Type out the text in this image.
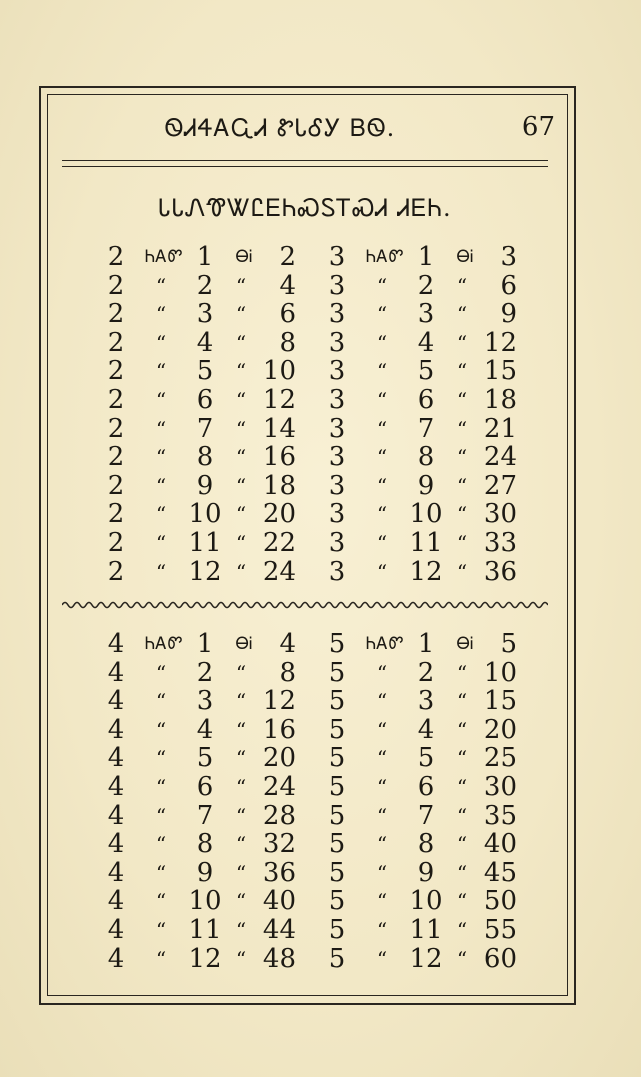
ᏫᏗᏎᎪᏩᏗ ᏑᏓᎴᎩ ᏴᏫ.	67
ᏓᏓᏁᏡᏔᏝᎬᏂᏍᏚᎢᏍᏗ ᏗᎬᏂ.
2	ᏂᎪᏛ 1	ᎾᎥ	2
2	“	2	“	4
2	“	3	“	6
2	“	4	“	8
2	“	5	“ 10
2	“	6	“ 12
2	“	7	“ 14
2	“	8	“ 16
2	“	9	“ 18
2	“ 10 “ 20
2	“ 11 “ 22
2	“ 12 “ 24
3	ᏂᎪᏛ 1	ᎾᎥ	3
3	“	2	“	6
3	“	3	“	9
3	“	4	“ 12
3	“	5	“ 15
3	“	6	“ 18
3	“	7	“ 21
3	“	8	“ 24
3	“	9	“ 27
3	“ 10 “ 30
3	“ 11 “ 33
3	“ 12 “ 36
4	ᏂᎪᏛ 1	ᎾᎥ	4
4	“	2	“	8
4	“	3	“ 12
4	“	4	“ 16
4	“	5	“ 20
4	“	6	“ 24
4	“	7	“ 28
4	“	8	“ 32
4	“	9	“ 36
4	“ 10 “ 40
4	“ 11 “ 44
4	“ 12 “ 48
5	ᏂᎪᏛ 1	ᎾᎥ	5
5	“	2	“ 10
5	“	3	“ 15
5	“	4	“ 20
5	“	5	“ 25
5	“	6	“ 30
5	“	7	“ 35
5	“	8	“ 40
5	“	9	“ 45
5	“ 10 “ 50
5	“ 11 “ 55
5	“ 12 “ 60
